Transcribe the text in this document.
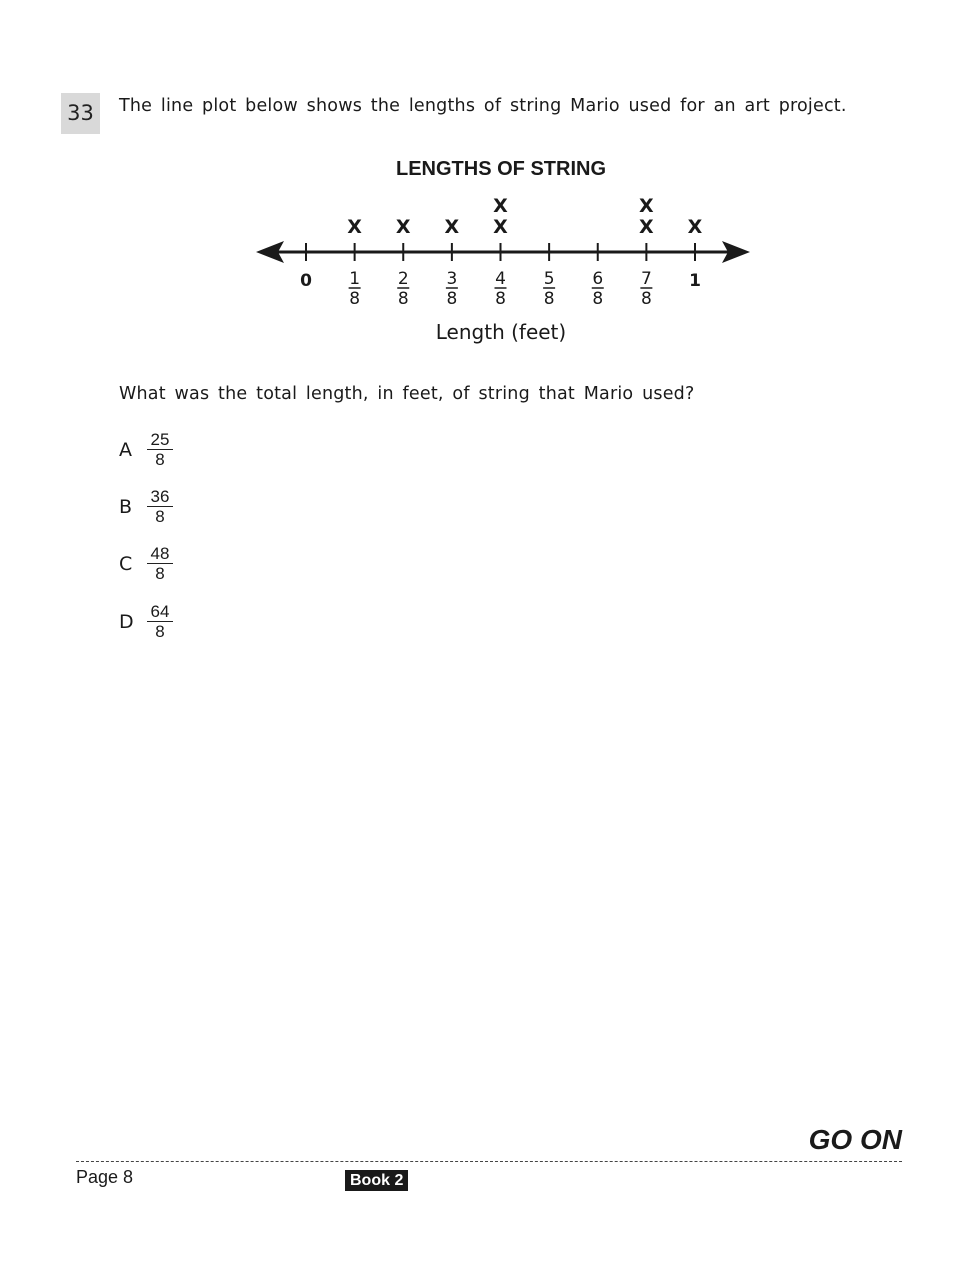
33	The line plot below shows the lengths of string Mario used for an art project.
LENGTHS OF STRING
0 1
8
2
8
3
8
4
8
5
8
6
8
7
8
1
X X X X
X
X
X
X
Length (feet)
What was the total length, in feet, of string that Mario used?
A $\frac{25}{8}$
B $\frac{36}{8}$
C $\frac{48}{8}$
D $\frac{64}{8}$
GO ON
Page 8	Book 2
